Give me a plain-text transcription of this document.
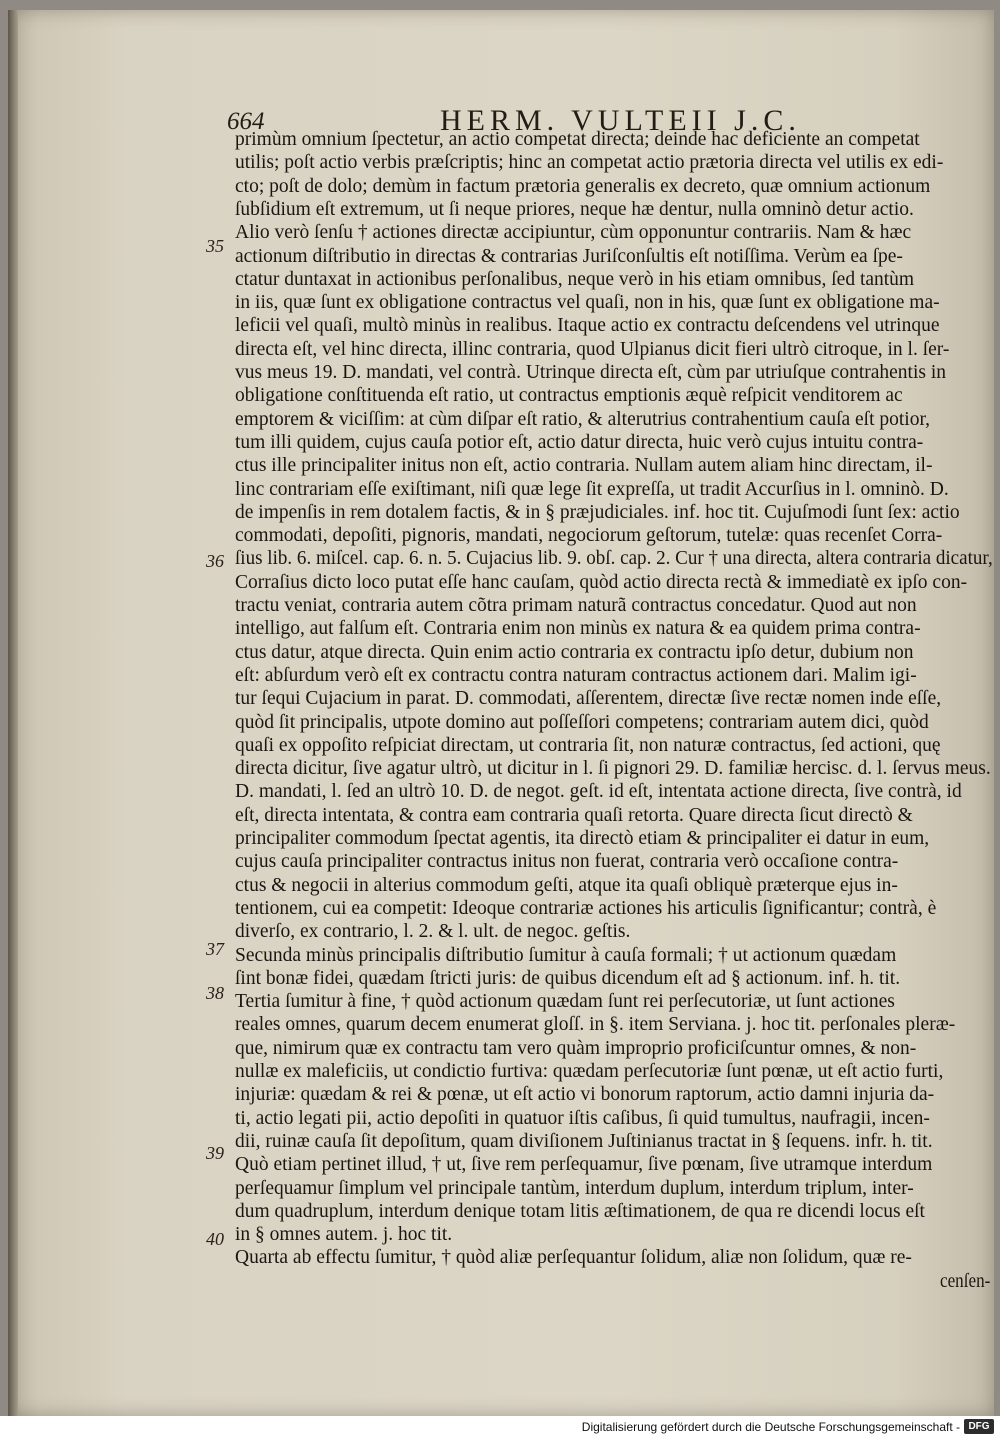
664	HERM. VULTEII J.C.
primùm omnium ſpectetur, an actio competat directa; deinde hac deficiente an competat
utilis; poſt actio verbis præſcriptis; hinc an competat actio prætoria directa vel utilis ex edi-
cto; poſt de dolo; demùm in factum prætoria generalis ex decreto, quæ omnium actionum
ſubſidium eſt extremum, ut ſi neque priores, neque hæ dentur, nulla omninò detur actio.
Alio verò ſenſu † actiones directæ accipiuntur, cùm opponuntur contrariis. Nam & hæc
actionum diſtributio in directas & contrarias Juriſconſultis eſt notiſſima. Verùm ea ſpe-
ctatur duntaxat in actionibus perſonalibus, neque verò in his etiam omnibus, ſed tantùm
in iis, quæ ſunt ex obligatione contractus vel quaſi, non in his, quæ ſunt ex obligatione ma-
leficii vel quaſi, multò minùs in realibus. Itaque actio ex contractu deſcendens vel utrinque
directa eſt, vel hinc directa, illinc contraria, quod Ulpianus dicit fieri ultrò citroque, in l. ſer-
vus meus 19. D. mandati, vel contrà. Utrinque directa eſt, cùm par utriuſque contrahentis in
obligatione conſtituenda eſt ratio, ut contractus emptionis æquè reſpicit venditorem ac
emptorem & viciſſim: at cùm diſpar eſt ratio, & alterutrius contrahentium cauſa eſt potior,
tum illi quidem, cujus cauſa potior eſt, actio datur directa, huic verò cujus intuitu contra-
ctus ille principaliter initus non eſt, actio contraria. Nullam autem aliam hinc directam, il-
linc contrariam eſſe exiſtimant, niſi quæ lege ſit expreſſa, ut tradit Accurſius in l. omninò. D.
de impenſis in rem dotalem factis, & in § præjudiciales. inf. hoc tit. Cujuſmodi ſunt ſex: actio
commodati, depoſiti, pignoris, mandati, negociorum geſtorum, tutelæ: quas recenſet Corra-
ſius lib. 6. miſcel. cap. 6. n. 5. Cujacius lib. 9. obſ. cap. 2. Cur † una directa, altera contraria dicatur,
Corraſius dicto loco putat eſſe hanc cauſam, quòd actio directa rectà & immediatè ex ipſo con-
tractu veniat, contraria autem cõtra primam naturã contractus concedatur. Quod aut non
intelligo, aut falſum eſt. Contraria enim non minùs ex natura & ea quidem prima contra-
ctus datur, atque directa. Quin enim actio contraria ex contractu ipſo detur, dubium non
eſt: abſurdum verò eſt ex contractu contra naturam contractus actionem dari. Malim igi-
tur ſequi Cujacium in parat. D. commodati, aſſerentem, directæ ſive rectæ nomen inde eſſe,
quòd ſit principalis, utpote domino aut poſſeſſori competens; contrariam autem dici, quòd
quaſi ex oppoſito reſpiciat directam, ut contraria ſit, non naturæ contractus, ſed actioni, quę
directa dicitur, ſive agatur ultrò, ut dicitur in l. ſi pignori 29. D. familiæ hercisc. d. l. ſervus meus.
D. mandati, l. ſed an ultrò 10. D. de negot. geſt. id eſt, intentata actione directa, ſive contrà, id
eſt, directa intentata, & contra eam contraria quaſi retorta. Quare directa ſicut directò &
principaliter commodum ſpectat agentis, ita directò etiam & principaliter ei datur in eum,
cujus cauſa principaliter contractus initus non fuerat, contraria verò occaſione contra-
ctus & negocii in alterius commodum geſti, atque ita quaſi obliquè præterque ejus in-
tentionem, cui ea competit: Ideoque contrariæ actiones his articulis ſignificantur; contrà, è
diverſo, ex contrario, l. 2. & l. ult. de negoc. geſtis.
Secunda minùs principalis diſtributio ſumitur à cauſa formali; † ut actionum quædam
ſint bonæ fidei, quædam ſtricti juris: de quibus dicendum eſt ad § actionum. inf. h. tit.
Tertia ſumitur à fine, † quòd actionum quædam ſunt rei perſecutoriæ, ut ſunt actiones
reales omnes, quarum decem enumerat gloſſ. in §. item Serviana. j. hoc tit. perſonales pleræ-
que, nimirum quæ ex contractu tam vero quàm improprio proficiſcuntur omnes, & non-
nullæ ex maleficiis, ut condictio furtiva: quædam perſecutoriæ ſunt pœnæ, ut eſt actio furti,
injuriæ: quædam & rei & pœnæ, ut eſt actio vi bonorum raptorum, actio damni injuria da-
ti, actio legati pii, actio depoſiti in quatuor iſtis caſibus, ſi quid tumultus, naufragii, incen-
dii, ruinæ cauſa ſit depoſitum, quam diviſionem Juſtinianus tractat in § ſequens. infr. h. tit.
Quò etiam pertinet illud, † ut, ſive rem perſequamur, ſive pœnam, ſive utramque interdum
perſequamur ſimplum vel principale tantùm, interdum duplum, interdum triplum, inter-
dum quadruplum, interdum denique totam litis æſtimationem, de qua re dicendi locus eſt
in § omnes autem. j. hoc tit.
Quarta ab effectu ſumitur, † quòd aliæ perſequantur ſolidum, aliæ non ſolidum, quæ re-
cenſen-
35
36
37
38
39
40
Digitalisierung gefördert durch die Deutsche Forschungsgemeinschaft - DFG
